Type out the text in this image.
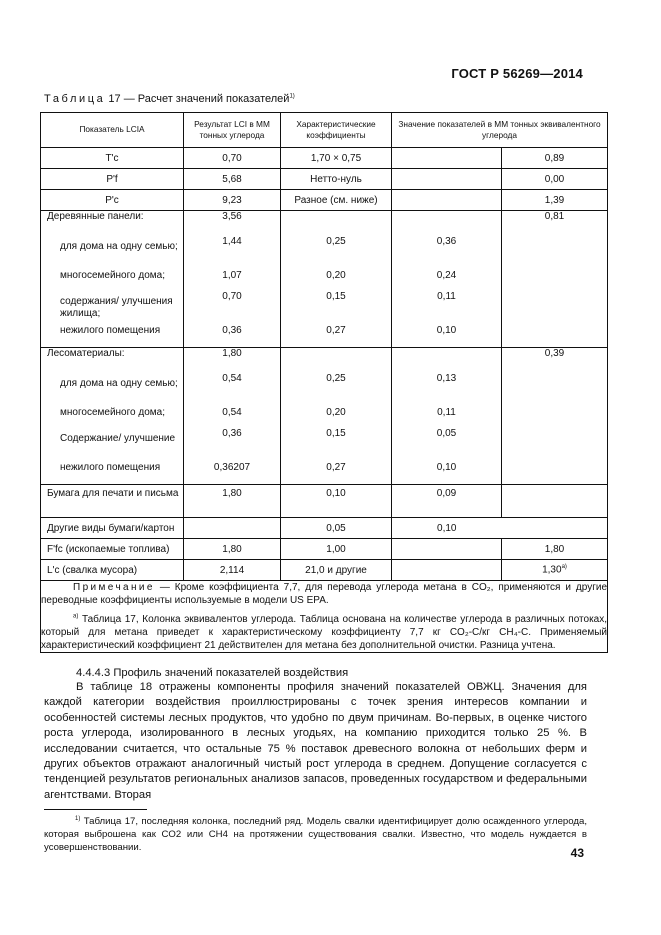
ГОСТ Р 56269—2014
Таблица 17 — Расчет значений показателей$^{1)}$
Показатель LCIA	Результат LCI в ММ тонных углерода	Характеристические коэффициенты	Значение показателей в ММ тонных эквивалентного углерода	
T'c	0,70	1,70 × 0,75		0,89
P'f	5,68	Нетто-нуль		0,00
P'c	9,23	Разное (см. ниже)		1,39
Деревянные панели:	3,56			0,81
для дома на одну семью;	1,44	0,25	0,36	
многосемейного дома;	1,07	0,20	0,24	
содержания/ улучшения жилища;	0,70	0,15	0,11	
нежилого помещения	0,36	0,27	0,10	
Лесоматериалы:	1,80			0,39
для дома на одну семью;	0,54	0,25	0,13	
многосемейного дома;	0,54	0,20	0,11	
Содержание/ улучшение	0,36	0,15	0,05	
нежилого помещения	0,36207	0,27	0,10	
Бумага для печати и письма	1,80	0,10	0,09	
Другие виды бумаги/картон		0,05	0,10	
F'fc (ископаемые топлива)	1,80	1,00		1,80
L'c (свалка мусора)	2,114	21,0 и другие		1,30$^{a)}$

Примечание — Кроме коэффициента 7,7, для перевода углерода метана в CO₂, применяются и другие переводные коэффициенты используемые в модели US EPA.

$^{a)}$ Таблица 17, Колонка эквивалентов углерода. Таблица основана на количестве углерода в различных потоках, который для метана приведет к характеристическому коэффициенту 7,7 кг CO₂-С/кг CH₄-С. Применяемый характеристический коэффициент 21 действителен для метана без дополнительной очистки. Разница учтена.				

4.4.4.3 Профиль значений показателей воздействия

В таблице 18 отражены компоненты профиля значений показателей ОВЖЦ. Значения для каждой категории воздействия проиллюстрированы с точек зрения интересов компании и особенностей системы лесных продуктов, что удобно по двум причинам. Во-первых, в оценке чистого роста углерода, изолированного в лесных угодьях, на компанию приходится только 25 %. В исследовании считается, что остальные 75 % поставок древесного волокна от небольших ферм и других объектов отражают аналогичный чистый рост углерода в среднем. Допущение согласуется с тенденцией результатов региональных анализов запасов, проведенных государством и федеральными агентствами. Вторая

$^{1)}$ Таблица 17, последняя колонка, последний ряд. Модель свалки идентифицирует долю осажденного углерода, которая выброшена как CO2 или CH4 на протяжении существования свалки. Известно, что модель нуждается в усовершенствовании.	43
